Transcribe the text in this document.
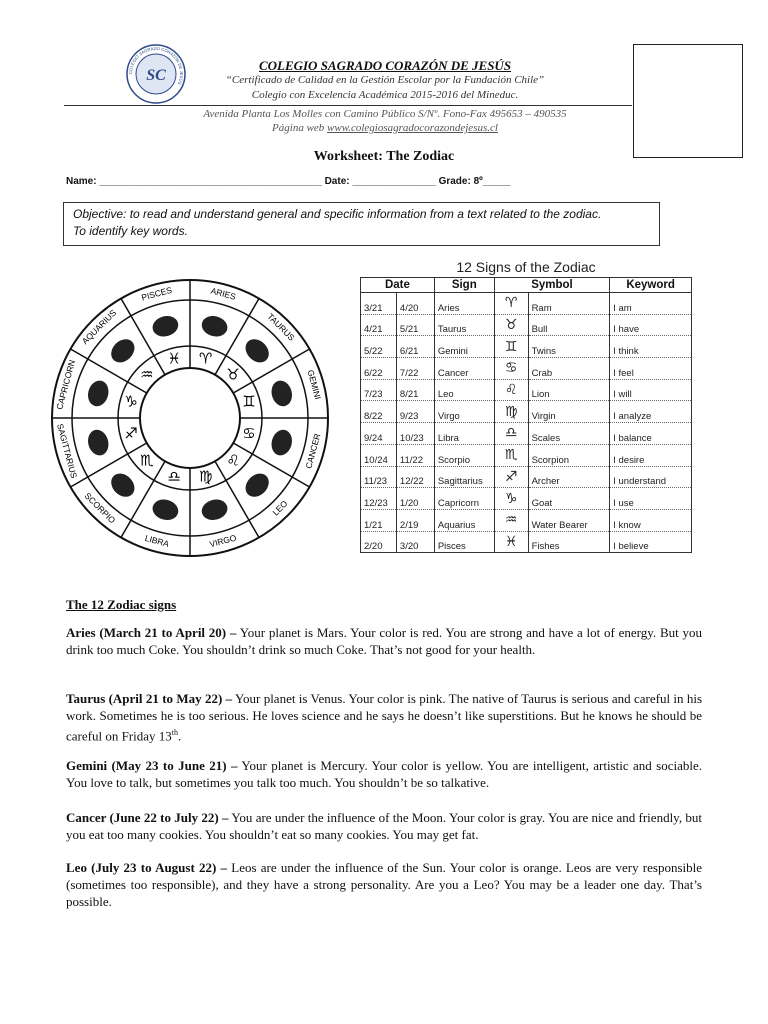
COLEGIO SAGRADO CORAZÓN DE JESÚS
SC
COLEGIO SAGRADO CORAZÓN DE JESÚS
“Certificado de Calidad en la Gestión Escolar por la Fundación Chile”
Colegio con Excelencia Académica 2015-2016 del Mineduc.
Avenida Planta Los Molles con Camino Público S/Nº. Fono-Fax 495653 – 490535
Página web www.colegiosagradocorazondejesus.cl
Worksheet: The Zodiac
Name: ________________________________________ Date: _______________ Grade: 8º_____
Objective: to read and understand general and specific information from a text related to the zodiac.
To identify key words.
ARIES
TAURUS
GEMINI
CANCER
LEO
VIRGO
LIBRA
SCORPIO
SAGITTARIUS
CAPRICORN
AQUARIUS
PISCES
♈
♉
♊
♋
♌
♍
♎
♏
♐
♑
♒
♓
12 Signs of the Zodiac
Date		Sign	Symbol		Keyword
3/21	4/20	Aries	♈	Ram	I am
4/21	5/21	Taurus	♉	Bull	I have
5/22	6/21	Gemini	♊	Twins	I think
6/22	7/22	Cancer	♋	Crab	I feel
7/23	8/21	Leo	♌	Lion	I will
8/22	9/23	Virgo	♍	Virgin	I analyze
9/24	10/23	Libra	♎	Scales	I balance
10/24	11/22	Scorpio	♏	Scorpion	I desire
11/23	12/22	Sagittarius	♐	Archer	I understand
12/23	1/20	Capricorn	♑	Goat	I use
1/21	2/19	Aquarius	♒	Water Bearer	I know
2/20	3/20	Pisces	♓	Fishes	I believe
The 12 Zodiac signs
Aries (March 21 to April 20) – Your planet is Mars. Your color is red. You are strong and have a lot of energy. But you drink too much Coke. You shouldn’t drink so much Coke. That’s not good for your health.
Taurus (April 21 to May 22) – Your planet is Venus. Your color is pink. The native of Taurus is serious and careful in his work. Sometimes he is too serious. He loves science and he says he doesn’t like superstitions. But he knows he should be careful on Friday 13th.
Gemini (May 23 to June 21) – Your planet is Mercury. Your color is yellow. You are intelligent, artistic and sociable. You love to talk, but sometimes you talk too much. You shouldn’t be so talkative.
Cancer (June 22 to July 22) – You are under the influence of the Moon. Your color is gray. You are nice and friendly, but you eat too many cookies. You shouldn’t eat so many cookies. You may get fat.
Leo (July 23 to August 22) – Leos are under the influence of the Sun. Your color is orange. Leos are very responsible (sometimes too responsible), and they have a strong personality. Are you a Leo? You may be a leader one day. That’s possible.
